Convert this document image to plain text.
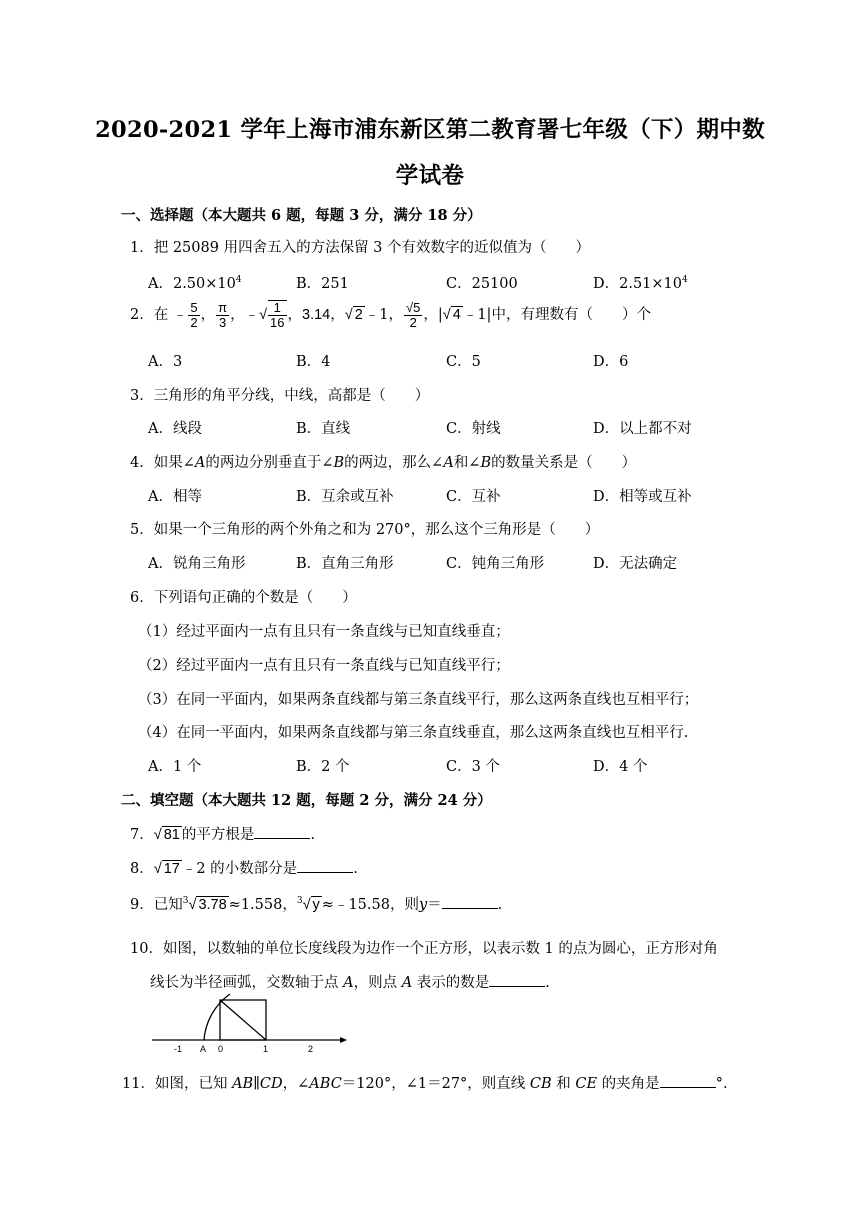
2020-2021 学年上海市浦东新区第二教育署七年级（下）期中数
学试卷
一、选择题（本大题共 6 题，每题 3 分，满分 18 分）
1．把 25089 用四舍五入的方法保留 3 个有效数字的近似值为（　　）
A．$2.50\times 10^4$	B．251	C．25100	D．$2.51\times 10^4$
2．在 ﹣ $\frac{5}{2}$ ， $\frac{\pi}{3}$ ，﹣√ $\frac{1}{16}$ ，3.14，√ 2 ﹣1， $\frac{√5}{2}$ ，|√ 4 ﹣1|中，有理数有（　　）个
A．3	B．4	C．5	D．6
3．三角形的角平分线，中线，高都是（　　）
A．线段	B．直线	C．射线	D．以上都不对
4．如果∠A的两边分别垂直于∠B的两边，那么∠A和∠B的数量关系是（　　）
A．相等	B．互余或互补	C．互补	D．相等或互补
5．如果一个三角形的两个外角之和为 270°，那么这个三角形是（　　）
A．锐角三角形	B．直角三角形	C．钝角三角形	D．无法确定
6．下列语句正确的个数是（　　）
（1）经过平面内一点有且只有一条直线与已知直线垂直；
（2）经过平面内一点有且只有一条直线与已知直线平行；
（3）在同一平面内，如果两条直线都与第三条直线平行，那么这两条直线也互相平行；
（4）在同一平面内，如果两条直线都与第三条直线垂直，那么这两条直线也互相平行.
A．1 个	B．2 个	C．3 个	D．4 个
二、填空题（本大题共 12 题，每题 2 分，满分 24 分）
7．√ 81 的平方根是	.
8．√ 17 ﹣2 的小数部分是	.
9．已知$^3$√ 3.78 ≈1.558，$^3$√ y ≈﹣15.58，则y＝	.
10．如图，以数轴的单位长度线段为边作一个正方形，以表示数 1 的点为圆心，正方形对角
线长为半径画弧，交数轴于点 A，则点 A 表示的数是	.
-1 A 0	1	2
11．如图，已知 AB∥CD，∠ABC＝120°，∠1＝27°，则直线 CB 和 CE 的夹角是	°.
